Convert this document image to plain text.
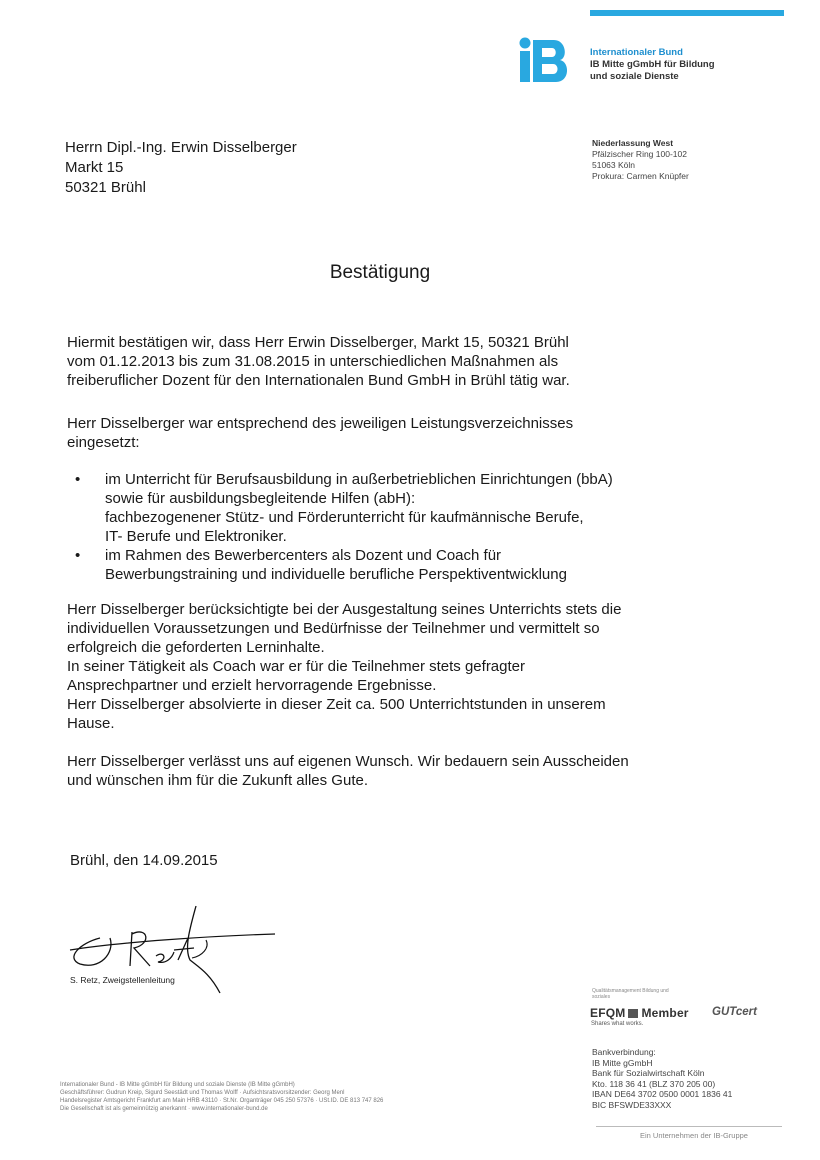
IB
Internationaler Bund
IB Mitte gGmbH für Bildung
und soziale Dienste
Herrn Dipl.-Ing. Erwin Disselberger
Markt 15
50321 Brühl
Niederlassung West
Pfälzischer Ring 100-102
51063 Köln
Prokura: Carmen Knüpfer
Bestätigung
Hiermit bestätigen wir, dass Herr Erwin Disselberger, Markt 15, 50321 Brühl
vom 01.12.2013 bis zum 31.08.2015 in unterschiedlichen Maßnahmen als
freiberuflicher Dozent für den Internationalen Bund GmbH in Brühl tätig war.
Herr Disselberger war entsprechend des jeweiligen Leistungsverzeichnisses
eingesetzt:
• im Unterricht für Berufsausbildung in außerbetrieblichen Einrichtungen (bbA)
sowie für ausbildungsbegleitende Hilfen (abH):
fachbezogenener Stütz- und Förderunterricht für kaufmännische Berufe,
IT- Berufe und Elektroniker.
• im Rahmen des Bewerbercenters als Dozent und Coach für
Bewerbungstraining und individuelle berufliche Perspektiventwicklung
Herr Disselberger berücksichtigte bei der Ausgestaltung seines Unterrichts stets die
individuellen Voraussetzungen und Bedürfnisse der Teilnehmer und vermittelt so
erfolgreich die geforderten Lerninhalte.
In seiner Tätigkeit als Coach war er für die Teilnehmer stets gefragter
Ansprechpartner und erzielt hervorragende Ergebnisse.
Herr Disselberger absolvierte in dieser Zeit ca. 500 Unterrichtstunden in unserem
Hause.
Herr Disselberger verlässt uns auf eigenen Wunsch. Wir bedauern sein Ausscheiden
und wünschen ihm für die Zukunft alles Gute.
Brühl, den 14.09.2015
S. Retz, Zweigstellenleitung
Qualitätsmanagement Bildung und soziales
EFQM Member
Shares what works.
GUTcert
Bankverbindung:
IB Mitte gGmbH
Bank für Sozialwirtschaft Köln
Kto. 118 36 41 (BLZ 370 205 00)
IBAN DE64 3702 0500 0001 1836 41
BIC BFSWDE33XXX
Internationaler Bund - IB Mitte gGmbH für Bildung und soziale Dienste (IB Mitte gGmbH)
Geschäftsführer: Gudrun Kreip, Sigurd Seestädt und Thomas Wolff · Aufsichtsratsvorsitzender: Georg Menl
Handelsregister Amtsgericht Frankfurt am Main HRB 43110 · St.Nr. Organträger 045 250 57376 · USt.ID. DE 813 747 826
Die Gesellschaft ist als gemeinnützig anerkannt · www.internationaler-bund.de
Ein Unternehmen der IB-Gruppe
